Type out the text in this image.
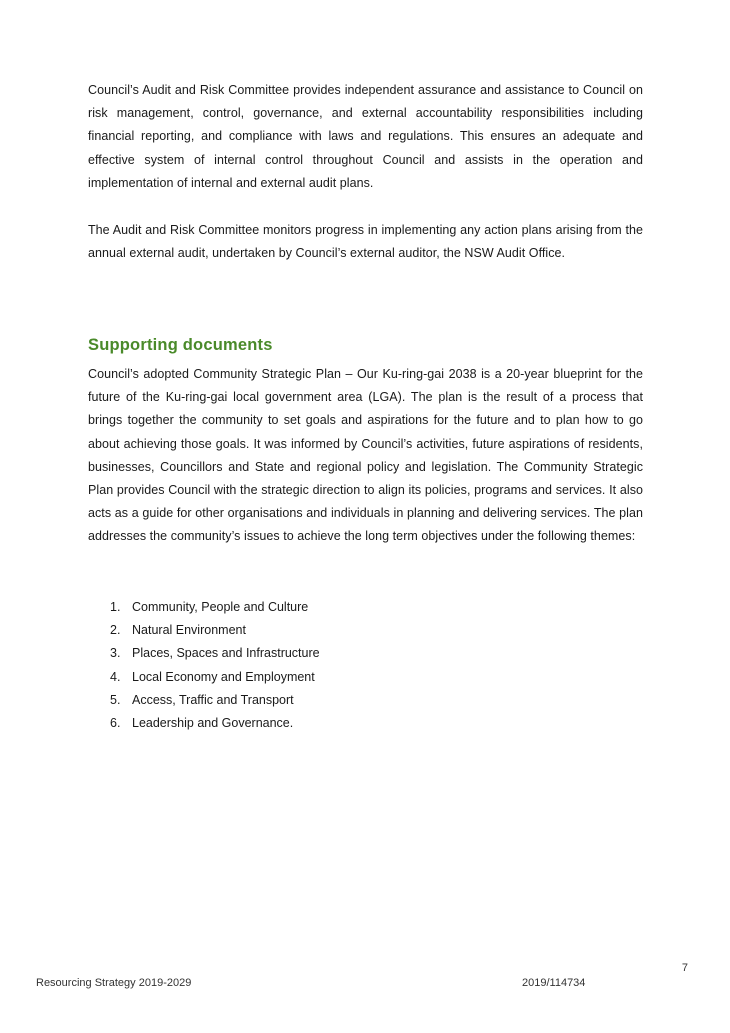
Council’s Audit and Risk Committee provides independent assurance and assistance to Council on risk management, control, governance, and external accountability responsibilities including financial reporting, and compliance with laws and regulations. This ensures an adequate and effective system of internal control throughout Council and assists in the operation and implementation of internal and external audit plans.

The Audit and Risk Committee monitors progress in implementing any action plans arising from the annual external audit, undertaken by Council’s external auditor, the NSW Audit Office.

Supporting documents

Council’s adopted Community Strategic Plan – Our Ku-ring-gai 2038 is a 20-year blueprint for the future of the Ku-ring-gai local government area (LGA). The plan is the result of a process that brings together the community to set goals and aspirations for the future and to plan how to go about achieving those goals. It was informed by Council’s activities, future aspirations of residents, businesses, Councillors and State and regional policy and legislation. The Community Strategic Plan provides Council with the strategic direction to align its policies, programs and services. It also acts as a guide for other organisations and individuals in planning and delivering services. The plan addresses the community’s issues to achieve the long term objectives under the following themes:

1. Community, People and Culture
2. Natural Environment
3. Places, Spaces and Infrastructure
4. Local Economy and Employment
5. Access, Traffic and Transport
6. Leadership and Governance.
7
Resourcing Strategy 2019-2029	2019/114734
